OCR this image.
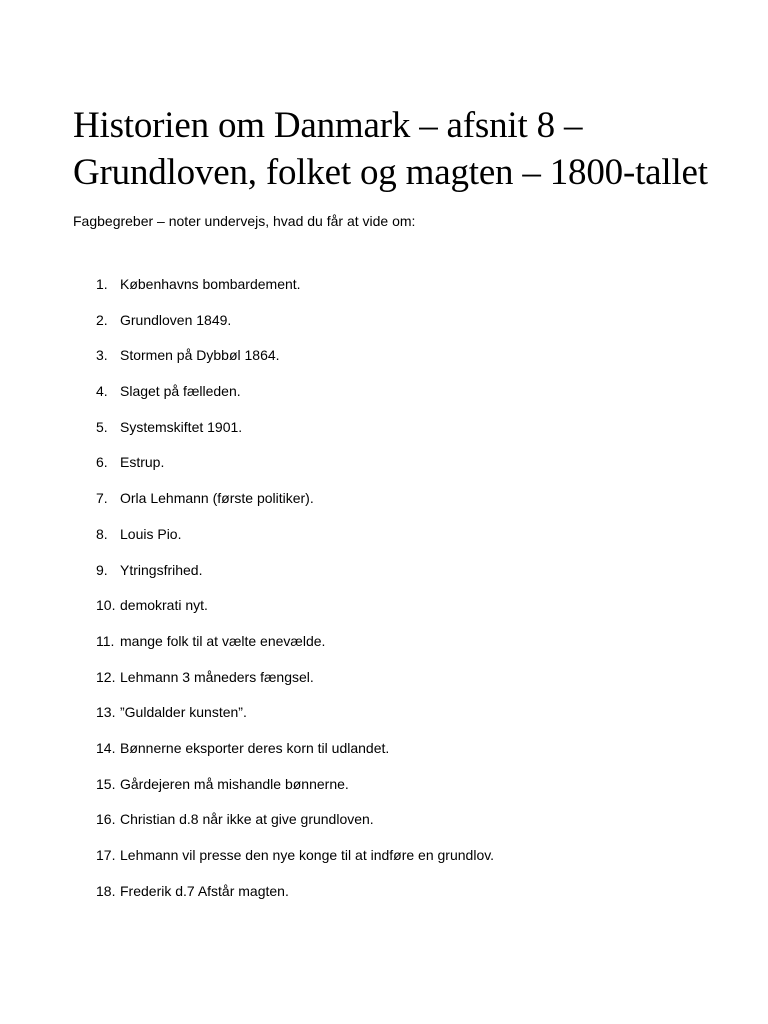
Historien om Danmark – afsnit 8 –
Grundloven, folket og magten – 1800-tallet

Fagbegreber – noter undervejs, hvad du får at vide om:

1. Københavns bombardement.
2. Grundloven 1849.
3. Stormen på Dybbøl 1864.
4. Slaget på fælleden.
5. Systemskiftet 1901.
6. Estrup.
7. Orla Lehmann (første politiker).
8. Louis Pio.
9. Ytringsfrihed.
10. demokrati nyt.
11. mange folk til at vælte enevælde.
12. Lehmann 3 måneders fængsel.
13. ”Guldalder kunsten”.
14. Bønnerne eksporter deres korn til udlandet.
15. Gårdejeren må mishandle bønnerne.
16. Christian d.8 når ikke at give grundloven.
17. Lehmann vil presse den nye konge til at indføre en grundlov.
18. Frederik d.7 Afstår magten.
